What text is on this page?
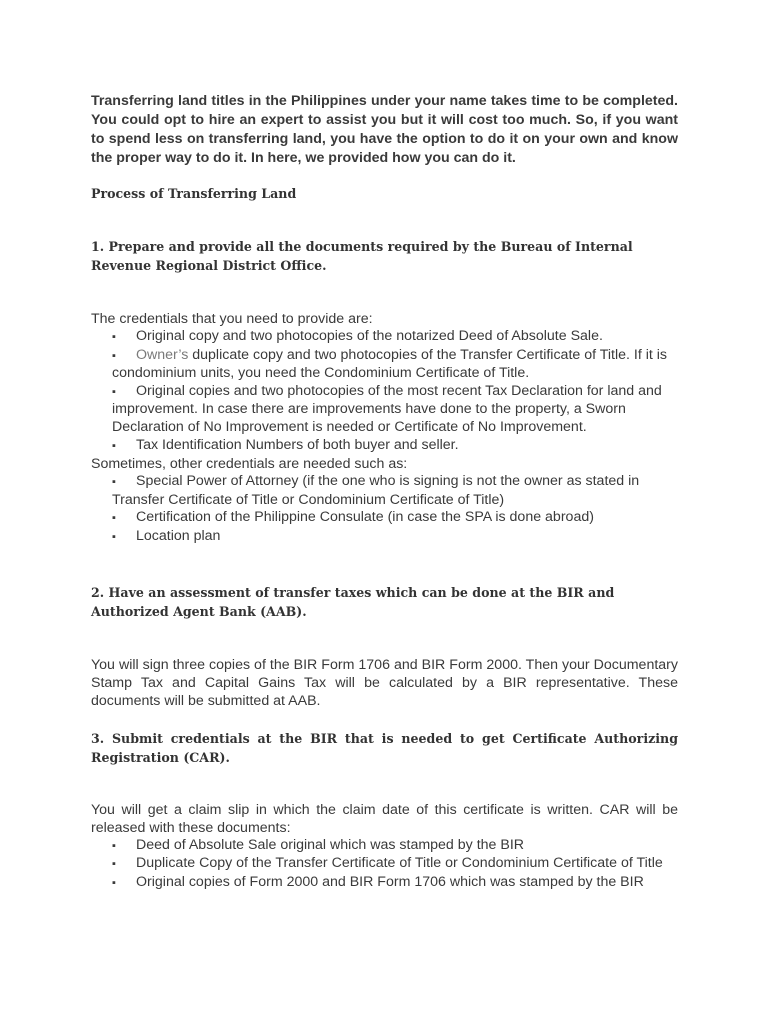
Transferring land titles in the Philippines under your name takes time to be completed. You could opt to hire an expert to assist you but it will cost too much. So, if you want to spend less on transferring land, you have the option to do it on your own and know the proper way to do it. In here, we provided how you can do it.

Process of Transferring Land

1. Prepare and provide all the documents required by the Bureau of Internal Revenue Regional District Office.

The credentials that you need to provide are:

▪ Original copy and two photocopies of the notarized Deed of Absolute Sale.
▪ Owner’s duplicate copy and two photocopies of the Transfer Certificate of Title. If it is condominium units, you need the Condominium Certificate of Title.
▪ Original copies and two photocopies of the most recent Tax Declaration for land and improvement. In case there are improvements have done to the property, a Sworn Declaration of No Improvement is needed or Certificate of No Improvement.
▪ Tax Identification Numbers of both buyer and seller.

Sometimes, other credentials are needed such as:

▪ Special Power of Attorney (if the one who is signing is not the owner as stated in Transfer Certificate of Title or Condominium Certificate of Title)
▪ Certification of the Philippine Consulate (in case the SPA is done abroad)
▪ Location plan

2. Have an assessment of transfer taxes which can be done at the BIR and Authorized Agent Bank (AAB).

You will sign three copies of the BIR Form 1706 and BIR Form 2000. Then your Documentary Stamp Tax and Capital Gains Tax will be calculated by a BIR representative. These documents will be submitted at AAB.

3. Submit credentials at the BIR that is needed to get Certificate Authorizing Registration (CAR).

You will get a claim slip in which the claim date of this certificate is written. CAR will be released with these documents:

▪ Deed of Absolute Sale original which was stamped by the BIR
▪ Duplicate Copy of the Transfer Certificate of Title or Condominium Certificate of Title
▪ Original copies of Form 2000 and BIR Form 1706 which was stamped by the BIR
